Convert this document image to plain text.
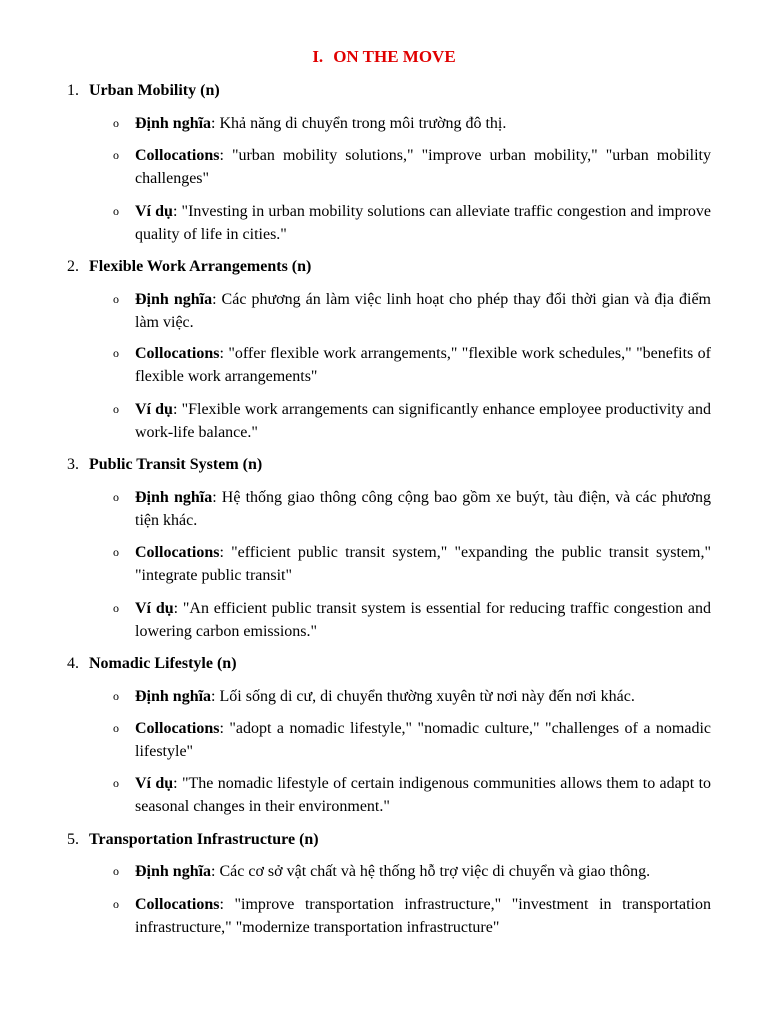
I. ON THE MOVE
1. Urban Mobility (n)
o Định nghĩa: Khả năng di chuyển trong môi trường đô thị.
o Collocations: "urban mobility solutions," "improve urban mobility," "urban mobility challenges"
o Ví dụ: "Investing in urban mobility solutions can alleviate traffic congestion and improve quality of life in cities."
2. Flexible Work Arrangements (n)
o Định nghĩa: Các phương án làm việc linh hoạt cho phép thay đổi thời gian và địa điểm làm việc.
o Collocations: "offer flexible work arrangements," "flexible work schedules," "benefits of flexible work arrangements"
o Ví dụ: "Flexible work arrangements can significantly enhance employee productivity and work-life balance."
3. Public Transit System (n)
o Định nghĩa: Hệ thống giao thông công cộng bao gồm xe buýt, tàu điện, và các phương tiện khác.
o Collocations: "efficient public transit system," "expanding the public transit system," "integrate public transit"
o Ví dụ: "An efficient public transit system is essential for reducing traffic congestion and lowering carbon emissions."
4. Nomadic Lifestyle (n)
o Định nghĩa: Lối sống di cư, di chuyển thường xuyên từ nơi này đến nơi khác.
o Collocations: "adopt a nomadic lifestyle," "nomadic culture," "challenges of a nomadic lifestyle"
o Ví dụ: "The nomadic lifestyle of certain indigenous communities allows them to adapt to seasonal changes in their environment."
5. Transportation Infrastructure (n)
o Định nghĩa: Các cơ sở vật chất và hệ thống hỗ trợ việc di chuyển và giao thông.
o Collocations: "improve transportation infrastructure," "investment in transportation infrastructure," "modernize transportation infrastructure"
